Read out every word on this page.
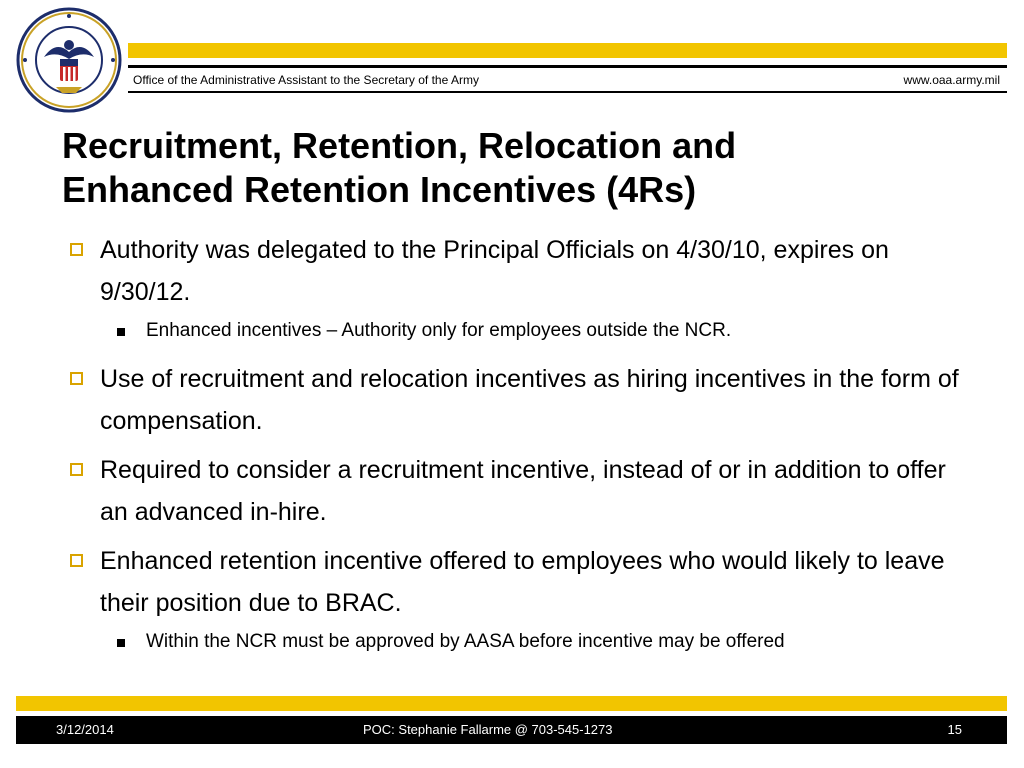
Office of the Administrative Assistant to the Secretary of the Army	www.oaa.army.mil
Recruitment, Retention, Relocation and
Enhanced Retention Incentives (4Rs)
Authority was delegated to the Principal Officials on 4/30/10, expires on 9/30/12.
Enhanced incentives – Authority only for employees outside the NCR.
Use of recruitment and relocation incentives as hiring incentives in the form of compensation.
Required to consider a recruitment incentive, instead of or in addition to offer an advanced in-hire.
Enhanced retention incentive offered to employees who would likely to leave their position due to BRAC.
Within the NCR must be approved by AASA before incentive may be offered
3/12/2014	POC: Stephanie Fallarme @ 703-545-1273	15
